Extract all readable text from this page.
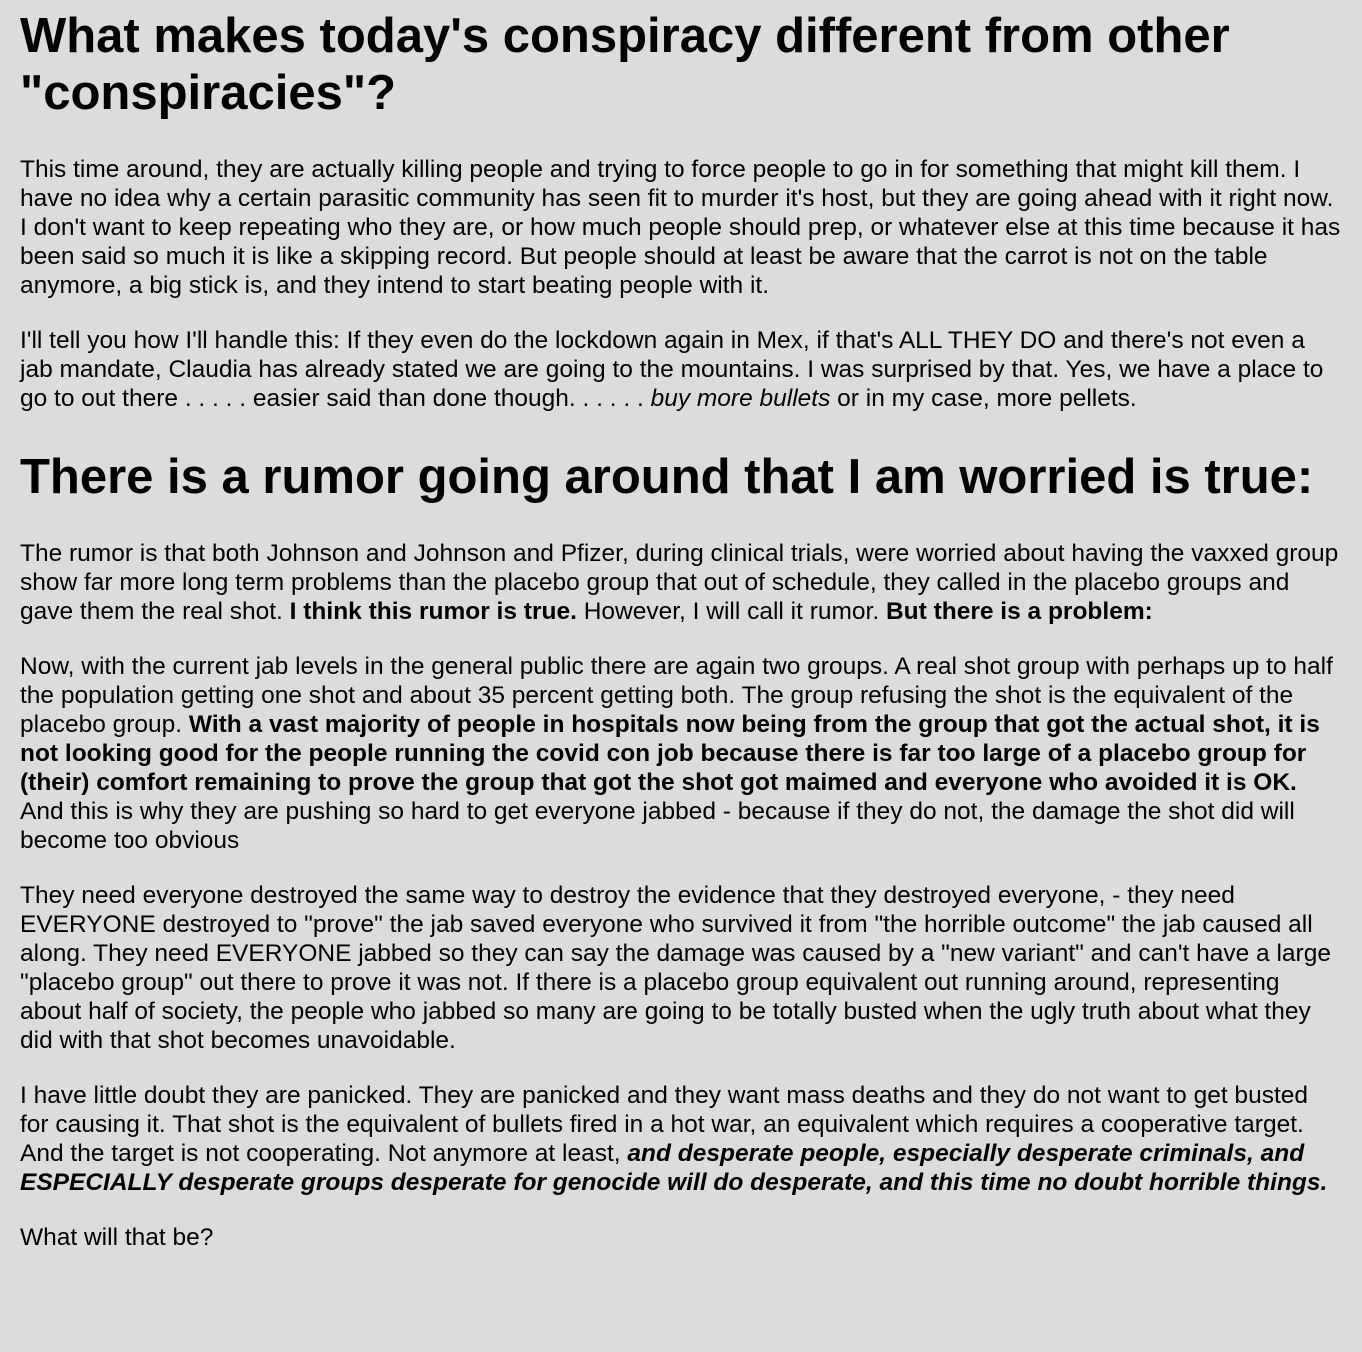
What makes today's conspiracy different from other "conspiracies"?

This time around, they are actually killing people and trying to force people to go in for something that might kill them. I have no idea why a certain parasitic community has seen fit to murder it's host, but they are going ahead with it right now. I don't want to keep repeating who they are, or how much people should prep, or whatever else at this time because it has been said so much it is like a skipping record. But people should at least be aware that the carrot is not on the table anymore, a big stick is, and they intend to start beating people with it.

I'll tell you how I'll handle this: If they even do the lockdown again in Mex, if that's ALL THEY DO and there's not even a jab mandate, Claudia has already stated we are going to the mountains. I was surprised by that. Yes, we have a place to go to out there . . . . . easier said than done though. . . . . . buy more bullets or in my case, more pellets.

There is a rumor going around that I am worried is true:

The rumor is that both Johnson and Johnson and Pfizer, during clinical trials, were worried about having the vaxxed group show far more long term problems than the placebo group that out of schedule, they called in the placebo groups and gave them the real shot. I think this rumor is true. However, I will call it rumor. But there is a problem:

Now, with the current jab levels in the general public there are again two groups. A real shot group with perhaps up to half the population getting one shot and about 35 percent getting both. The group refusing the shot is the equivalent of the placebo group. With a vast majority of people in hospitals now being from the group that got the actual shot, it is not looking good for the people running the covid con job because there is far too large of a placebo group for (their) comfort remaining to prove the group that got the shot got maimed and everyone who avoided it is OK. And this is why they are pushing so hard to get everyone jabbed - because if they do not, the damage the shot did will become too obvious

They need everyone destroyed the same way to destroy the evidence that they destroyed everyone, - they need EVERYONE destroyed to "prove" the jab saved everyone who survived it from "the horrible outcome" the jab caused all along. They need EVERYONE jabbed so they can say the damage was caused by a "new variant" and can't have a large "placebo group" out there to prove it was not. If there is a placebo group equivalent out running around, representing about half of society, the people who jabbed so many are going to be totally busted when the ugly truth about what they did with that shot becomes unavoidable.

I have little doubt they are panicked. They are panicked and they want mass deaths and they do not want to get busted for causing it. That shot is the equivalent of bullets fired in a hot war, an equivalent which requires a cooperative target. And the target is not cooperating. Not anymore at least, and desperate people, especially desperate criminals, and ESPECIALLY desperate groups desperate for genocide will do desperate, and this time no doubt horrible things.

What will that be?
